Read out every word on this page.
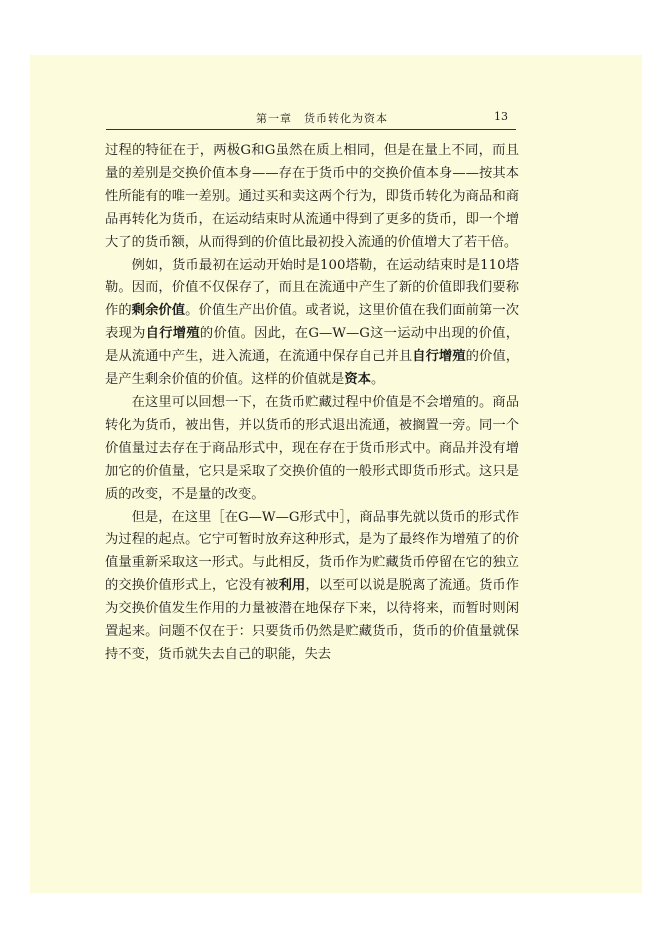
第一章　货币转化为资本	13

过程的特征在于，两极G和G虽然在质上相同，但是在量上不同，而且量的差别是交换价值本身——存在于货币中的交换价值本身——按其本性所能有的唯一差别。通过买和卖这两个行为，即货币转化为商品和商品再转化为货币，在运动结束时从流通中得到了更多的货币，即一个增大了的货币额，从而得到的价值比最初投入流通的价值增大了若干倍。

例如，货币最初在运动开始时是100塔勒，在运动结束时是110塔勒。因而，价值不仅保存了，而且在流通中产生了新的价值即我们要称作的剩余价值。价值生产出价值。或者说，这里价值在我们面前第一次表现为自行增殖的价值。因此，在G—W—G这一运动中出现的价值，是从流通中产生，进入流通，在流通中保存自己并且自行增殖的价值，是产生剩余价值的价值。这样的价值就是资本。

在这里可以回想一下，在货币贮藏过程中价值是不会增殖的。商品转化为货币，被出售，并以货币的形式退出流通，被搁置一旁。同一个价值量过去存在于商品形式中，现在存在于货币形式中。商品并没有增加它的价值量，它只是采取了交换价值的一般形式即货币形式。这只是质的改变，不是量的改变。

但是，在这里［在G—W—G形式中］，商品事先就以货币的形式作为过程的起点。它宁可暂时放弃这种形式，是为了最终作为增殖了的价值量重新采取这一形式。与此相反，货币作为贮藏货币停留在它的独立的交换价值形式上，它没有被利用，以至可以说是脱离了流通。货币作为交换价值发生作用的力量被潜在地保存下来，以待将来，而暂时则闲置起来。问题不仅在于：只要货币仍然是贮藏货币，货币的价值量就保持不变，货币就失去自己的职能，失去
